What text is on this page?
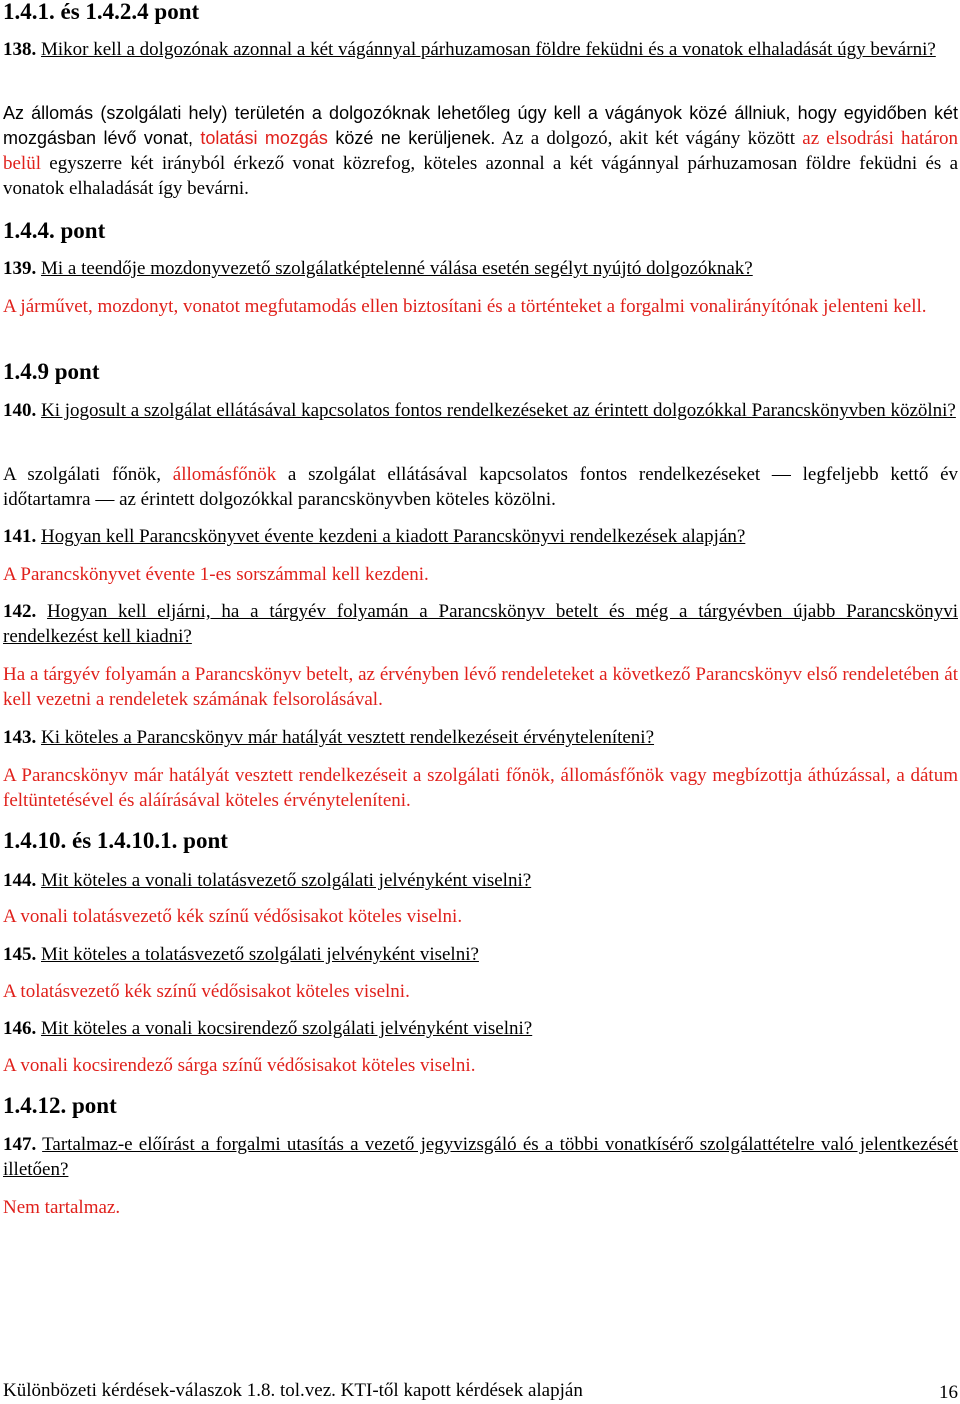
1.4.1. és 1.4.2.4 pont

138. Mikor kell a dolgozónak azonnal a két vágánnyal párhuzamosan földre feküdni és a vonatok elhaladását úgy bevárni?

Az állomás (szolgálati hely) területén a dolgozóknak lehetőleg úgy kell a vágányok közé állniuk, hogy egyidőben két mozgásban lévő vonat, tolatási mozgás közé ne kerüljenek. Az a dolgozó, akit két vágány között az elsodrási határon belül egyszerre két irányból érkező vonat közrefog, köteles azonnal a két vágánnyal párhuzamosan földre feküdni és a vonatok elhaladását így bevárni.

1.4.4. pont

139. Mi a teendője mozdonyvezető szolgálatképtelenné válása esetén segélyt nyújtó dolgozóknak?

A járművet, mozdonyt, vonatot megfutamodás ellen biztosítani és a történteket a forgalmi vonalirányítónak jelenteni kell.

1.4.9 pont

140. Ki jogosult a szolgálat ellátásával kapcsolatos fontos rendelkezéseket az érintett dolgozókkal Parancskönyvben közölni?

A szolgálati főnök, állomásfőnök a szolgálat ellátásával kapcsolatos fontos rendelkezéseket — legfeljebb kettő év időtartamra — az érintett dolgozókkal parancskönyvben köteles közölni.

141. Hogyan kell Parancskönyvet évente kezdeni a kiadott Parancskönyvi rendelkezések alapján?

A Parancskönyvet évente 1-es sorszámmal kell kezdeni.

142. Hogyan kell eljárni, ha a tárgyév folyamán a Parancskönyv betelt és még a tárgyévben újabb Parancskönyvi rendelkezést kell kiadni?

Ha a tárgyév folyamán a Parancskönyv betelt, az érvényben lévő rendeleteket a következő Parancskönyv első rendeletében át kell vezetni a rendeletek számának felsorolásával.

143. Ki köteles a Parancskönyv már hatályát vesztett rendelkezéseit érvényteleníteni?

A Parancskönyv már hatályát vesztett rendelkezéseit a szolgálati főnök, állomásfőnök vagy megbízottja áthúzással, a dátum feltüntetésével és aláírásával köteles érvényteleníteni.

1.4.10. és 1.4.10.1. pont

144. Mit köteles a vonali tolatásvezető szolgálati jelvényként viselni?

A vonali tolatásvezető kék színű védősisakot köteles viselni.

145. Mit köteles a tolatásvezető szolgálati jelvényként viselni?

A tolatásvezető kék színű védősisakot köteles viselni.

146. Mit köteles a vonali kocsirendező szolgálati jelvényként viselni?

A vonali kocsirendező sárga színű védősisakot köteles viselni.

1.4.12. pont

147. Tartalmaz-e előírást a forgalmi utasítás a vezető jegyvizsgáló és a többi vonatkísérő szolgálattételre való jelentkezését illetően?

Nem tartalmaz.

Különbözeti kérdések-válaszok 1.8. tol.vez. KTI-től kapott kérdések alapján	16
